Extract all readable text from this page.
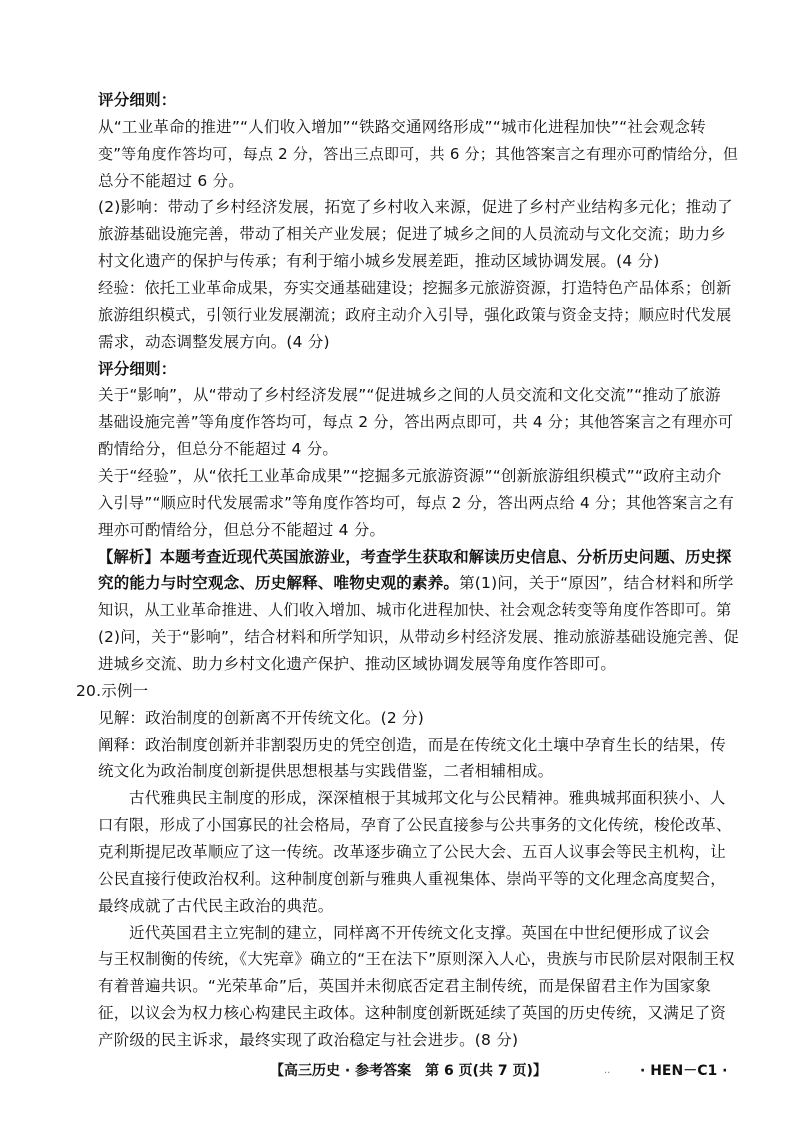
评分细则：
从“工业革命的推进”“人们收入增加”“铁路交通网络形成”“城市化进程加快”“社会观念转
变”等角度作答均可，每点 2 分，答出三点即可，共 6 分；其他答案言之有理亦可酌情给分，但
总分不能超过 6 分。
(2)影响：带动了乡村经济发展，拓宽了乡村收入来源，促进了乡村产业结构多元化；推动了
旅游基础设施完善，带动了相关产业发展；促进了城乡之间的人员流动与文化交流；助力乡
村文化遗产的保护与传承；有利于缩小城乡发展差距，推动区域协调发展。(4 分)
经验：依托工业革命成果，夯实交通基础建设；挖掘多元旅游资源，打造特色产品体系；创新
旅游组织模式，引领行业发展潮流；政府主动介入引导，强化政策与资金支持；顺应时代发展
需求，动态调整发展方向。(4 分)
评分细则：
关于“影响”，从“带动了乡村经济发展”“促进城乡之间的人员交流和文化交流”“推动了旅游
基础设施完善”等角度作答均可，每点 2 分，答出两点即可，共 4 分；其他答案言之有理亦可
酌情给分，但总分不能超过 4 分。
关于“经验”，从“依托工业革命成果”“挖掘多元旅游资源”“创新旅游组织模式”“政府主动介
入引导”“顺应时代发展需求”等角度作答均可，每点 2 分，答出两点给 4 分；其他答案言之有
理亦可酌情给分，但总分不能超过 4 分。
【解析】本题考查近现代英国旅游业，考查学生获取和解读历史信息、分析历史问题、历史探
究的能力与时空观念、历史解释、唯物史观的素养。第(1)问，关于“原因”，结合材料和所学
知识，从工业革命推进、人们收入增加、城市化进程加快、社会观念转变等角度作答即可。第
(2)问，关于“影响”，结合材料和所学知识，从带动乡村经济发展、推动旅游基础设施完善、促
进城乡交流、助力乡村文化遗产保护、推动区域协调发展等角度作答即可。
20.示例一
见解：政治制度的创新离不开传统文化。(2 分)
阐释：政治制度创新并非割裂历史的凭空创造，而是在传统文化土壤中孕育生长的结果，传
统文化为政治制度创新提供思想根基与实践借鉴，二者相辅相成。
古代雅典民主制度的形成，深深植根于其城邦文化与公民精神。雅典城邦面积狭小、人
口有限，形成了小国寡民的社会格局，孕育了公民直接参与公共事务的文化传统，梭伦改革、
克利斯提尼改革顺应了这一传统。改革逐步确立了公民大会、五百人议事会等民主机构，让
公民直接行使政治权利。这种制度创新与雅典人重视集体、崇尚平等的文化理念高度契合，
最终成就了古代民主政治的典范。
近代英国君主立宪制的建立，同样离不开传统文化支撑。英国在中世纪便形成了议会
与王权制衡的传统，《大宪章》确立的“王在法下”原则深入人心，贵族与市民阶层对限制王权
有着普遍共识。“光荣革命”后，英国并未彻底否定君主制传统，而是保留君主作为国家象
征，以议会为权力核心构建民主政体。这种制度创新既延续了英国的历史传统，又满足了资
产阶级的民主诉求，最终实现了政治稳定与社会进步。(8 分)
【高三历史 · 参考答案　第 6 页(共 7 页)】	.. · HEN－C1 ·
